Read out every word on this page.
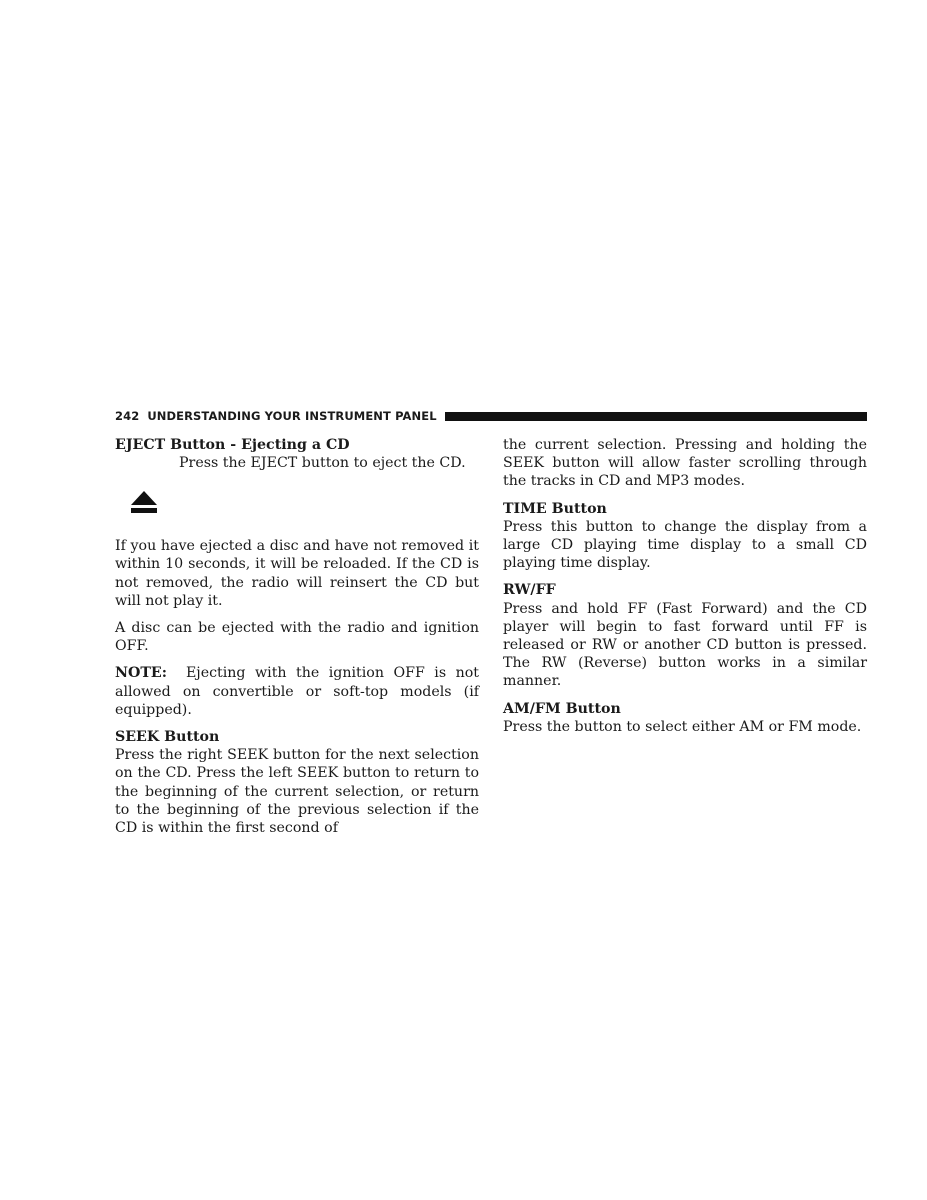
242 UNDERSTANDING YOUR INSTRUMENT PANEL
EJECT Button - Ejecting a CD

Press the EJECT button to eject the CD.

If you have ejected a disc and have not removed it within 10 seconds, it will be reloaded. If the CD is not removed, the radio will reinsert the CD but will not play it.

A disc can be ejected with the radio and ignition OFF.

NOTE: Ejecting with the ignition OFF is not allowed on convertible or soft-top models (if equipped).

SEEK Button

Press the right SEEK button for the next selection on the CD. Press the left SEEK button to return to the beginning of the current selection, or return to the beginning of the previous selection if the CD is within the first second of

the current selection. Pressing and holding the SEEK button will allow faster scrolling through the tracks in CD and MP3 modes.

TIME Button

Press this button to change the display from a large CD playing time display to a small CD playing time display.

RW/FF

Press and hold FF (Fast Forward) and the CD player will begin to fast forward until FF is released or RW or another CD button is pressed. The RW (Reverse) button works in a similar manner.

AM/FM Button

Press the button to select either AM or FM mode.
